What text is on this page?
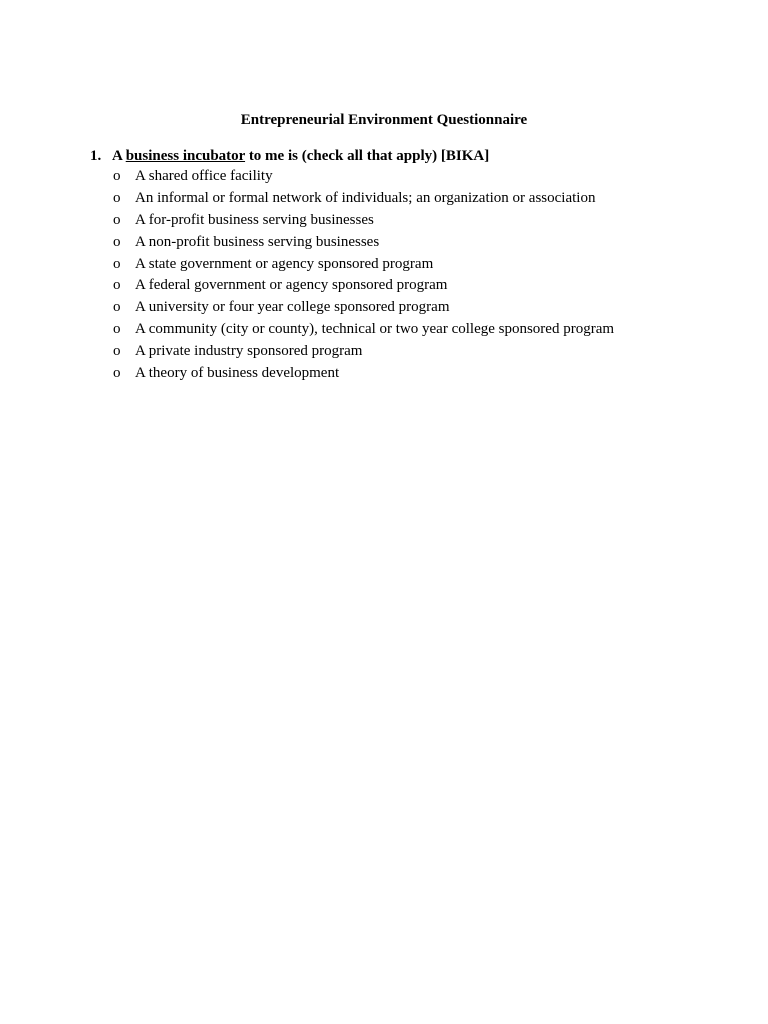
Entrepreneurial Environment Questionnaire
1. A business incubator to me is (check all that apply) [BIKA]
o A shared office facility
o An informal or formal network of individuals; an organization or association
o A for-profit business serving businesses
o A non-profit business serving businesses
o A state government or agency sponsored program
o A federal government or agency sponsored program
o A university or four year college sponsored program
o A community (city or county), technical or two year college sponsored program
o A private industry sponsored program
o A theory of business development
